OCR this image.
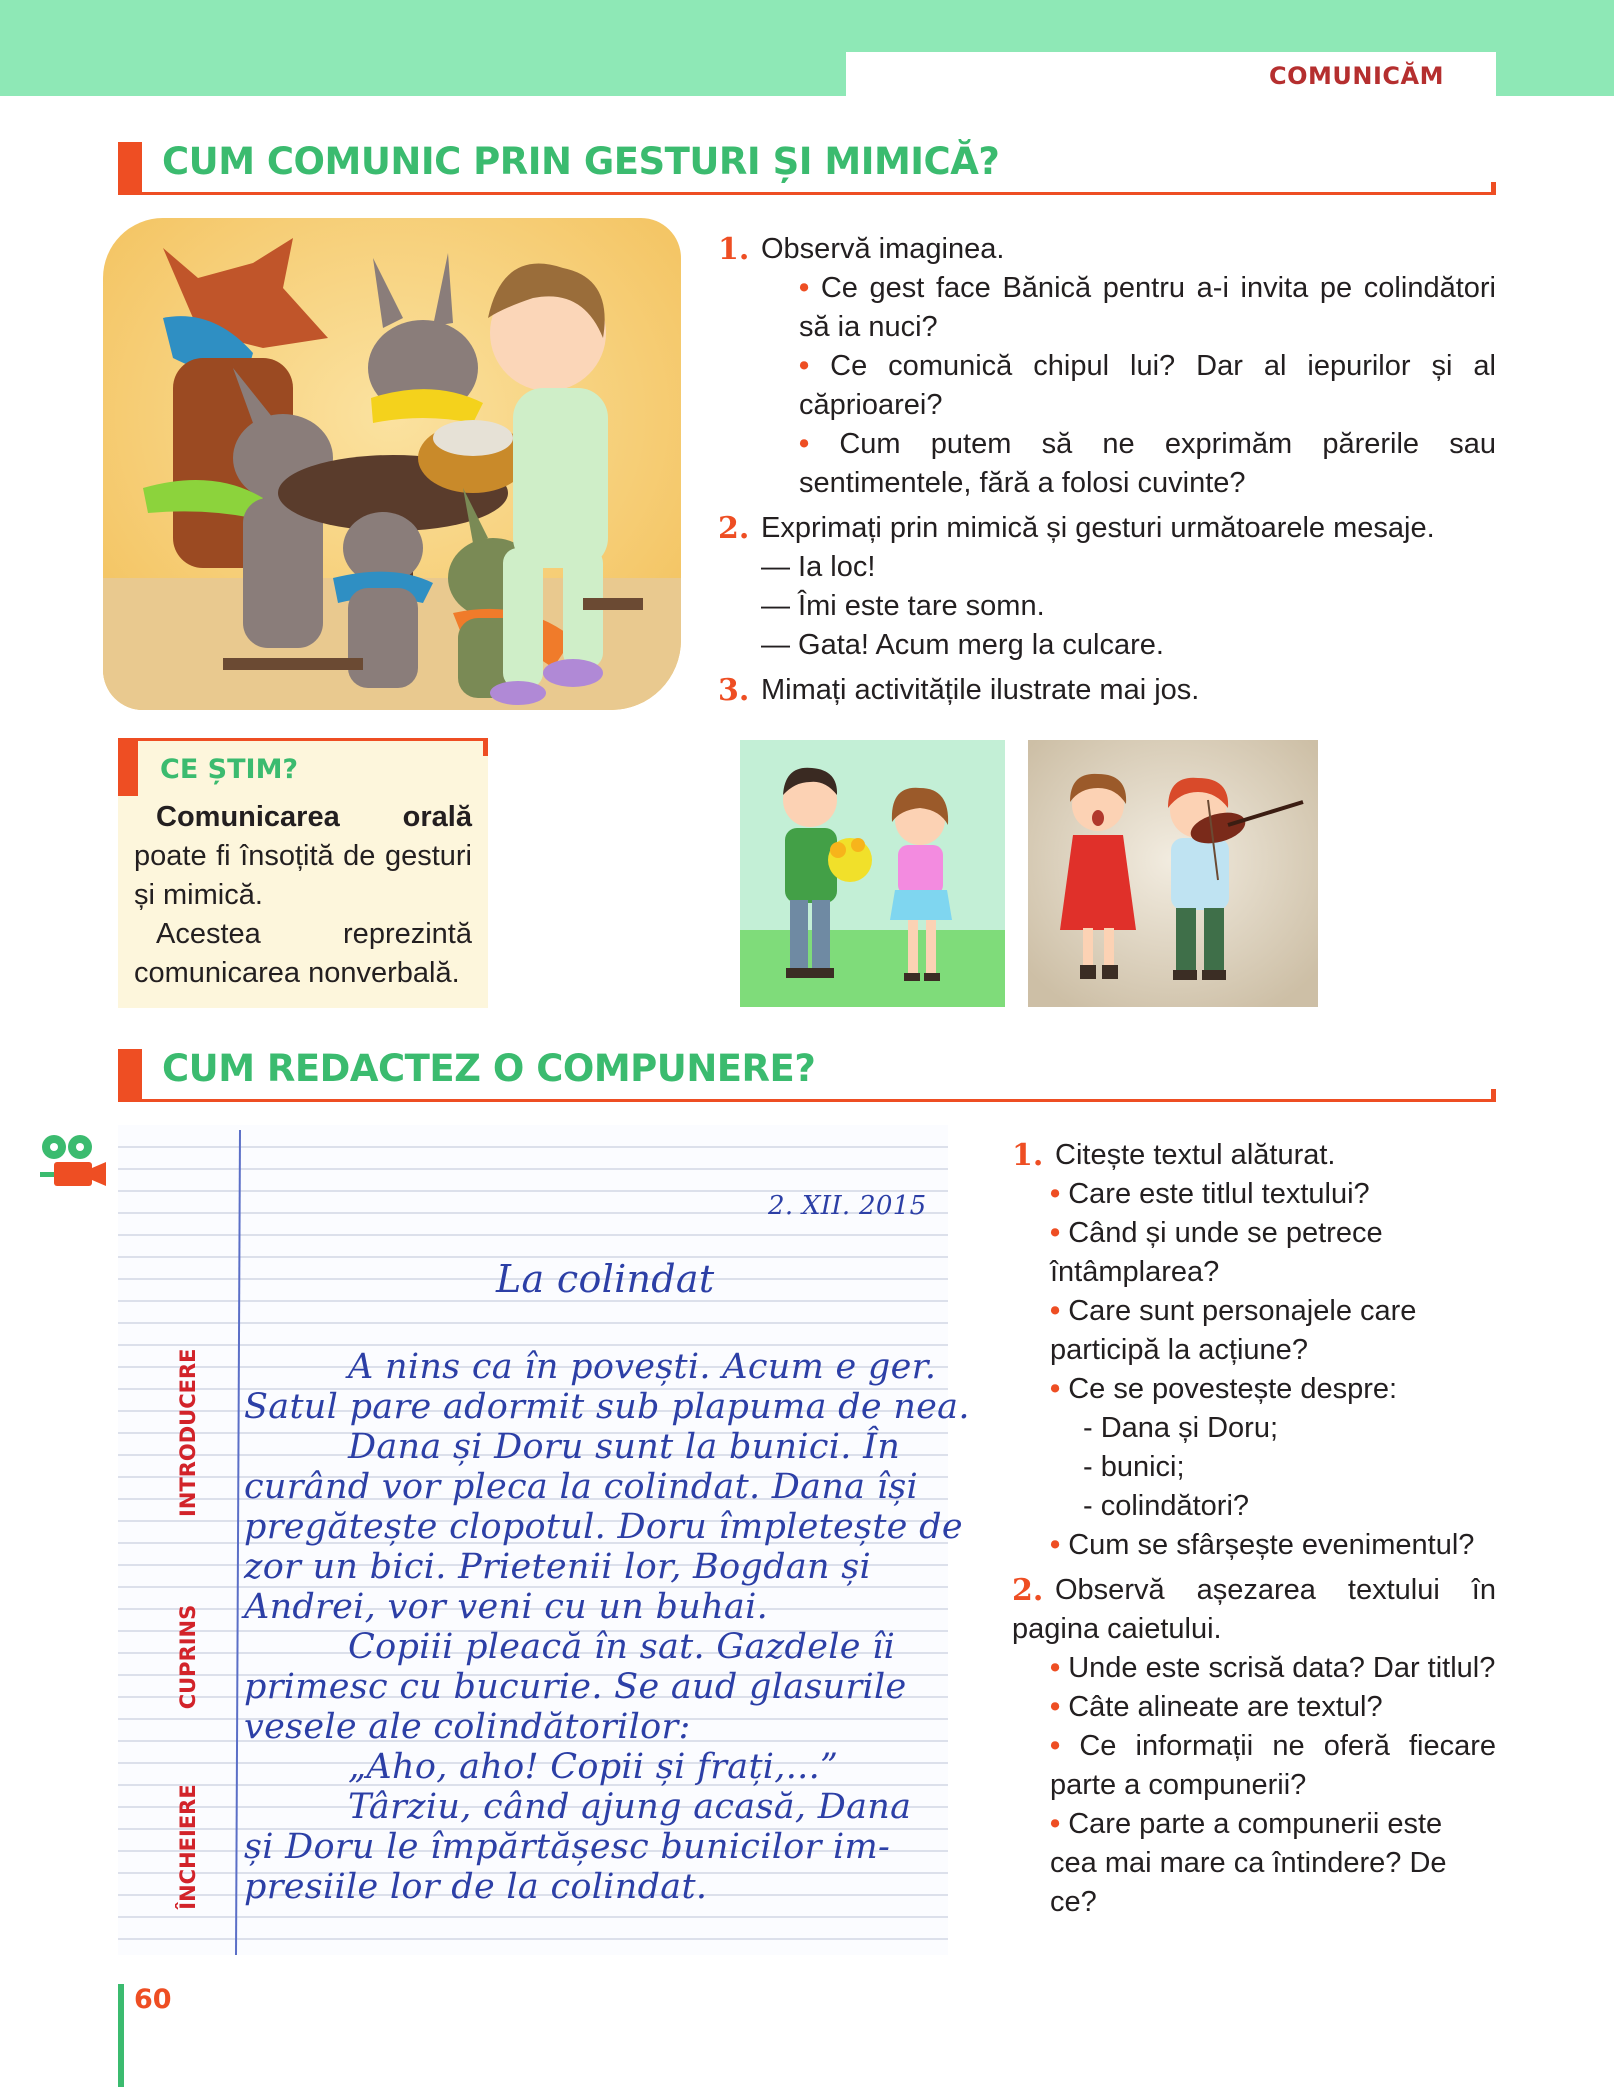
COMUNICĂM
CUM COMUNIC PRIN GESTURI ȘI MIMICĂ?
1. Observă imaginea.
• Ce gest face Bănică pentru a-i invita pe colindători să ia nuci?
• Ce comunică chipul lui? Dar al iepurilor și al căprioarei?
• Cum putem să ne exprimăm părerile sau sentimentele, fără a folosi cuvinte?
2. Exprimați prin mimică și gesturi următoarele mesaje.
— Ia loc!
— Îmi este tare somn.
— Gata! Acum merg la culcare.
3. Mimați activitățile ilustrate mai jos.
CE ȘTIM?

Comunicarea orală poate fi însoțită de gesturi și mimică.

Acestea reprezintă comunicarea nonverbală.

CUM REDACTEZ O COMPUNERE?
INTRODUCERE
CUPRINS
ÎNCHEIERE
2. XII. 2015
La colindat
A nins ca în povești. Acum e ger.
Satul pare adormit sub plapuma de nea.
Dana și Doru sunt la bunici. În
curând vor pleca la colindat. Dana își
pregătește clopotul. Doru împletește de
zor un bici. Prietenii lor, Bogdan și
Andrei, vor veni cu un buhai.
Copiii pleacă în sat. Gazdele îi
primesc cu bucurie. Se aud glasurile
vesele ale colindătorilor:
„Aho, aho! Copii și frați,...”
Târziu, când ajung acasă, Dana
și Doru le împărtășesc bunicilor im-
presiile lor de la colindat.
1. Citește textul alăturat.
• Care este titlul textului?
• Când și unde se petrece întâmplarea?
• Care sunt personajele care participă la acțiune?
• Ce se povestește despre:
- Dana și Doru;
- bunici;
- colindători?
• Cum se sfârșește evenimentul?
2. Observă așezarea textului în pagina caietului.
• Unde este scrisă data? Dar titlul?
• Câte alineate are textul?
• Ce informații ne oferă fiecare parte a compunerii?
• Care parte a compunerii este cea mai mare ca întindere? De ce?
60
